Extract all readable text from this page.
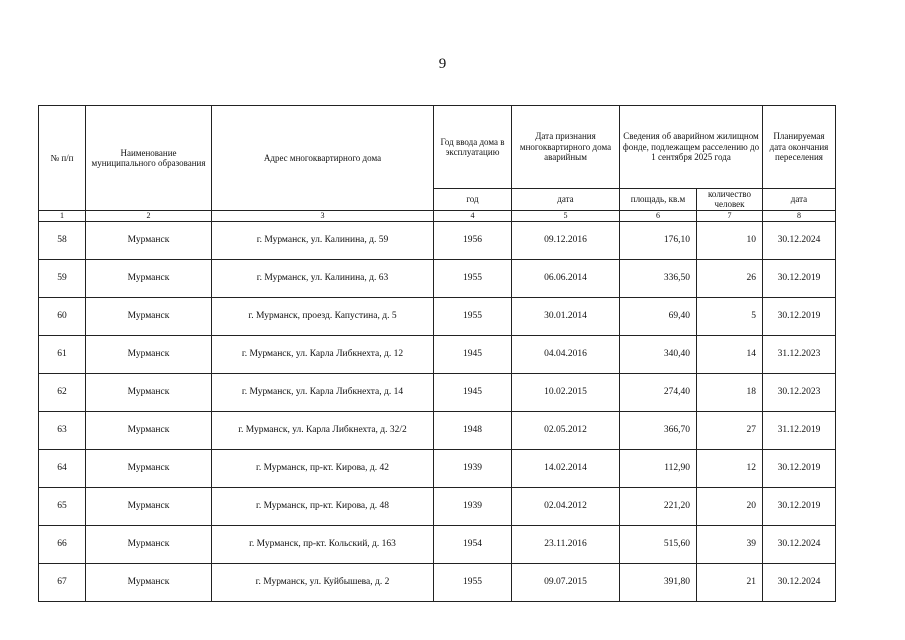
9
№ п/п	Наименование муниципального образования	Адрес многоквартирного дома	Год ввода дома в эксплуатацию	Дата признания многоквартирного дома аварийным	Сведения об аварийном жилищном фонде, подлежащем расселению до 1 сентября 2025 года		Планируемая дата окончания переселения
			год	дата	площадь, кв.м	количество человек	дата
1	2	3	4	5	6	7	8
58	Мурманск	г. Мурманск, ул. Калинина, д. 59	1956	09.12.2016	176,10	10	30.12.2024
59	Мурманск	г. Мурманск, ул. Калинина, д. 63	1955	06.06.2014	336,50	26	30.12.2019
60	Мурманск	г. Мурманск, проезд. Капустина, д. 5	1955	30.01.2014	69,40	5	30.12.2019
61	Мурманск	г. Мурманск, ул. Карла Либкнехта, д. 12	1945	04.04.2016	340,40	14	31.12.2023
62	Мурманск	г. Мурманск, ул. Карла Либкнехта, д. 14	1945	10.02.2015	274,40	18	30.12.2023
63	Мурманск	г. Мурманск, ул. Карла Либкнехта, д. 32/2	1948	02.05.2012	366,70	27	31.12.2019
64	Мурманск	г. Мурманск, пр-кт. Кирова, д. 42	1939	14.02.2014	112,90	12	30.12.2019
65	Мурманск	г. Мурманск, пр-кт. Кирова, д. 48	1939	02.04.2012	221,20	20	30.12.2019
66	Мурманск	г. Мурманск, пр-кт. Кольский, д. 163	1954	23.11.2016	515,60	39	30.12.2024
67	Мурманск	г. Мурманск, ул. Куйбышева, д. 2	1955	09.07.2015	391,80	21	30.12.2024
